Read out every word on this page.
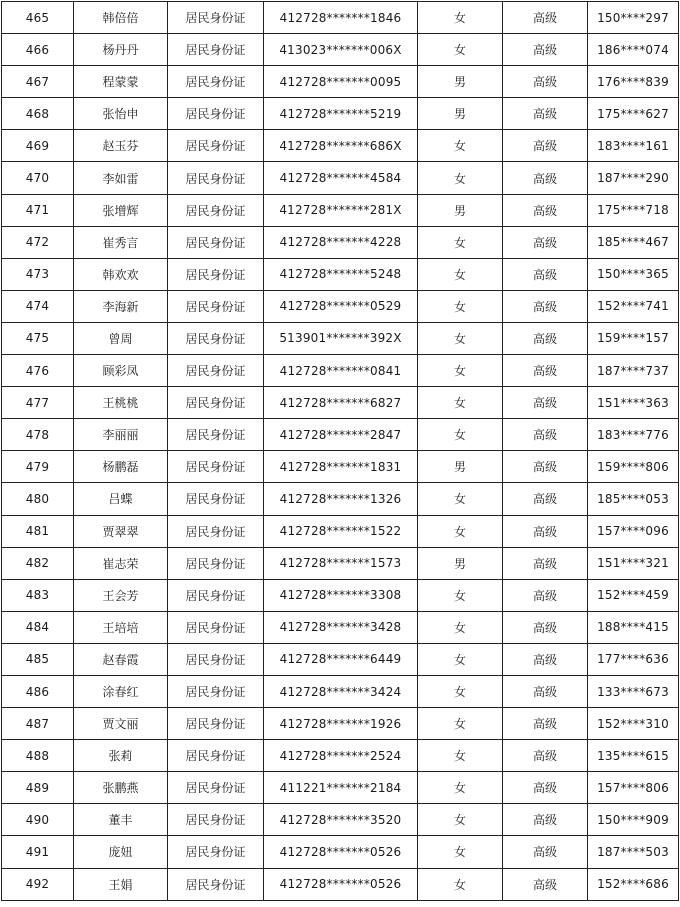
465	韩倍倍	居民身份证	412728*******1846	女	高级	150****297
466	杨丹丹	居民身份证	413023*******006X	女	高级	186****074
467	程蒙蒙	居民身份证	412728*******0095	男	高级	176****839
468	张怡申	居民身份证	412728*******5219	男	高级	175****627
469	赵玉芬	居民身份证	412728*******686X	女	高级	183****161
470	李如雷	居民身份证	412728*******4584	女	高级	187****290
471	张增辉	居民身份证	412728*******281X	男	高级	175****718
472	崔秀言	居民身份证	412728*******4228	女	高级	185****467
473	韩欢欢	居民身份证	412728*******5248	女	高级	150****365
474	李海新	居民身份证	412728*******0529	女	高级	152****741
475	曾周	居民身份证	513901*******392X	女	高级	159****157
476	顾彩凤	居民身份证	412728*******0841	女	高级	187****737
477	王桃桃	居民身份证	412728*******6827	女	高级	151****363
478	李丽丽	居民身份证	412728*******2847	女	高级	183****776
479	杨鹏磊	居民身份证	412728*******1831	男	高级	159****806
480	吕蝶	居民身份证	412728*******1326	女	高级	185****053
481	贾翠翠	居民身份证	412728*******1522	女	高级	157****096
482	崔志荣	居民身份证	412728*******1573	男	高级	151****321
483	王会芳	居民身份证	412728*******3308	女	高级	152****459
484	王培培	居民身份证	412728*******3428	女	高级	188****415
485	赵春霞	居民身份证	412728*******6449	女	高级	177****636
486	涂春红	居民身份证	412728*******3424	女	高级	133****673
487	贾文丽	居民身份证	412728*******1926	女	高级	152****310
488	张莉	居民身份证	412728*******2524	女	高级	135****615
489	张鹏燕	居民身份证	411221*******2184	女	高级	157****806
490	董丰	居民身份证	412728*******3520	女	高级	150****909
491	庞妞	居民身份证	412728*******0526	女	高级	187****503
492	王娟	居民身份证	412728*******0526	女	高级	152****686
